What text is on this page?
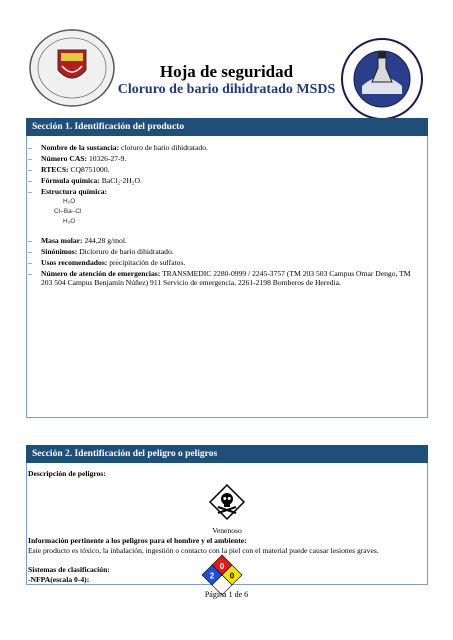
Hoja de seguridad
Cloruro de bario dihidratado MSDS
Sección 1. Identificación del producto
– Nombre de la sustancia: cloruro de bario dihidratado.
– Número CAS: 10326-27-9.
– RTECS: CQ8751000.
– Fórmula química: BaCl₂·2H₂O.
– Estructura química:
H₂O
Cl–Ba–Cl
H₂O
– Masa molar: 244,28 g/mol.
– Sinónimos: Dicloruro de bario dihidratado.
– Usos recomendados: precipitación de sulfatos.
– Número de atención de emergencias: TRANSMEDIC 2280-0999 / 2245-3757 (TM 203 503 Campus Omar Dengo, TM 203 504 Campus Benjamín Núñez) 911 Servicio de emergencia, 2261-2198 Bomberos de Heredia.
Sección 2. Identificación del peligro o peligros
Descripción de peligros:
Venenoso
Información pertinente a los peligros para el hombre y el ambiente:
Este producto es tóxico, la inhalación, ingestión o contacto con la piel con el material puede causar lesiones graves.
Sistemas de clasificación:
-NFPA(escala 0-4):
0
2 0
Página 1 de 6
